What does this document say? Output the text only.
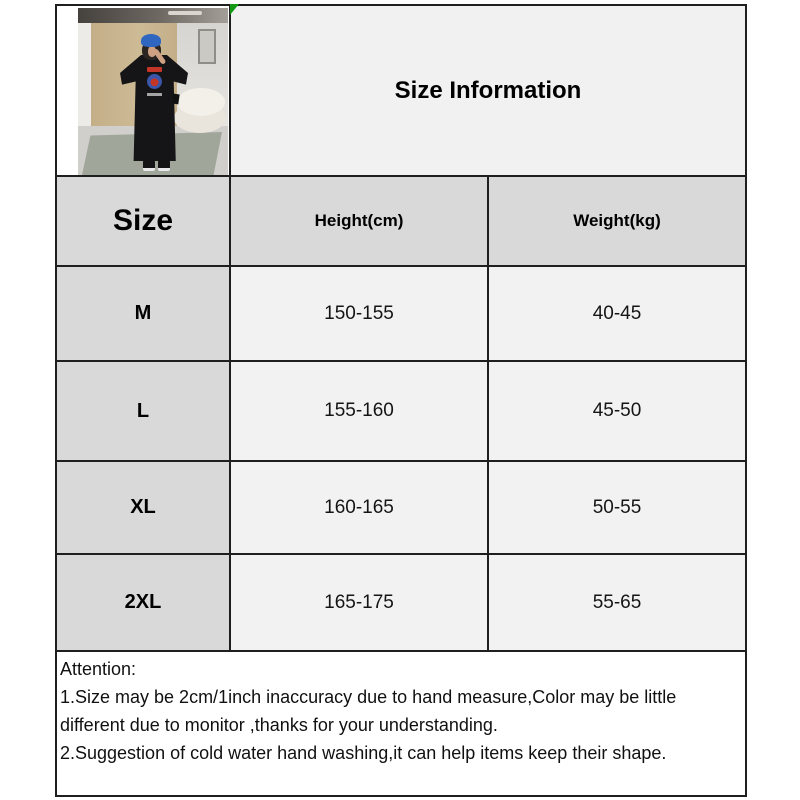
Size Information
Size	Height(cm)	Weight(kg)
M	150-155	40-45
L	155-160	45-50
XL	160-165	50-55
2XL	165-175	55-65
Attention:
1.Size may be 2cm/1inch inaccuracy due to hand measure,Color may be little
different due to monitor ,thanks for your understanding.
2.Suggestion of cold water hand washing,it can help items keep their shape.
